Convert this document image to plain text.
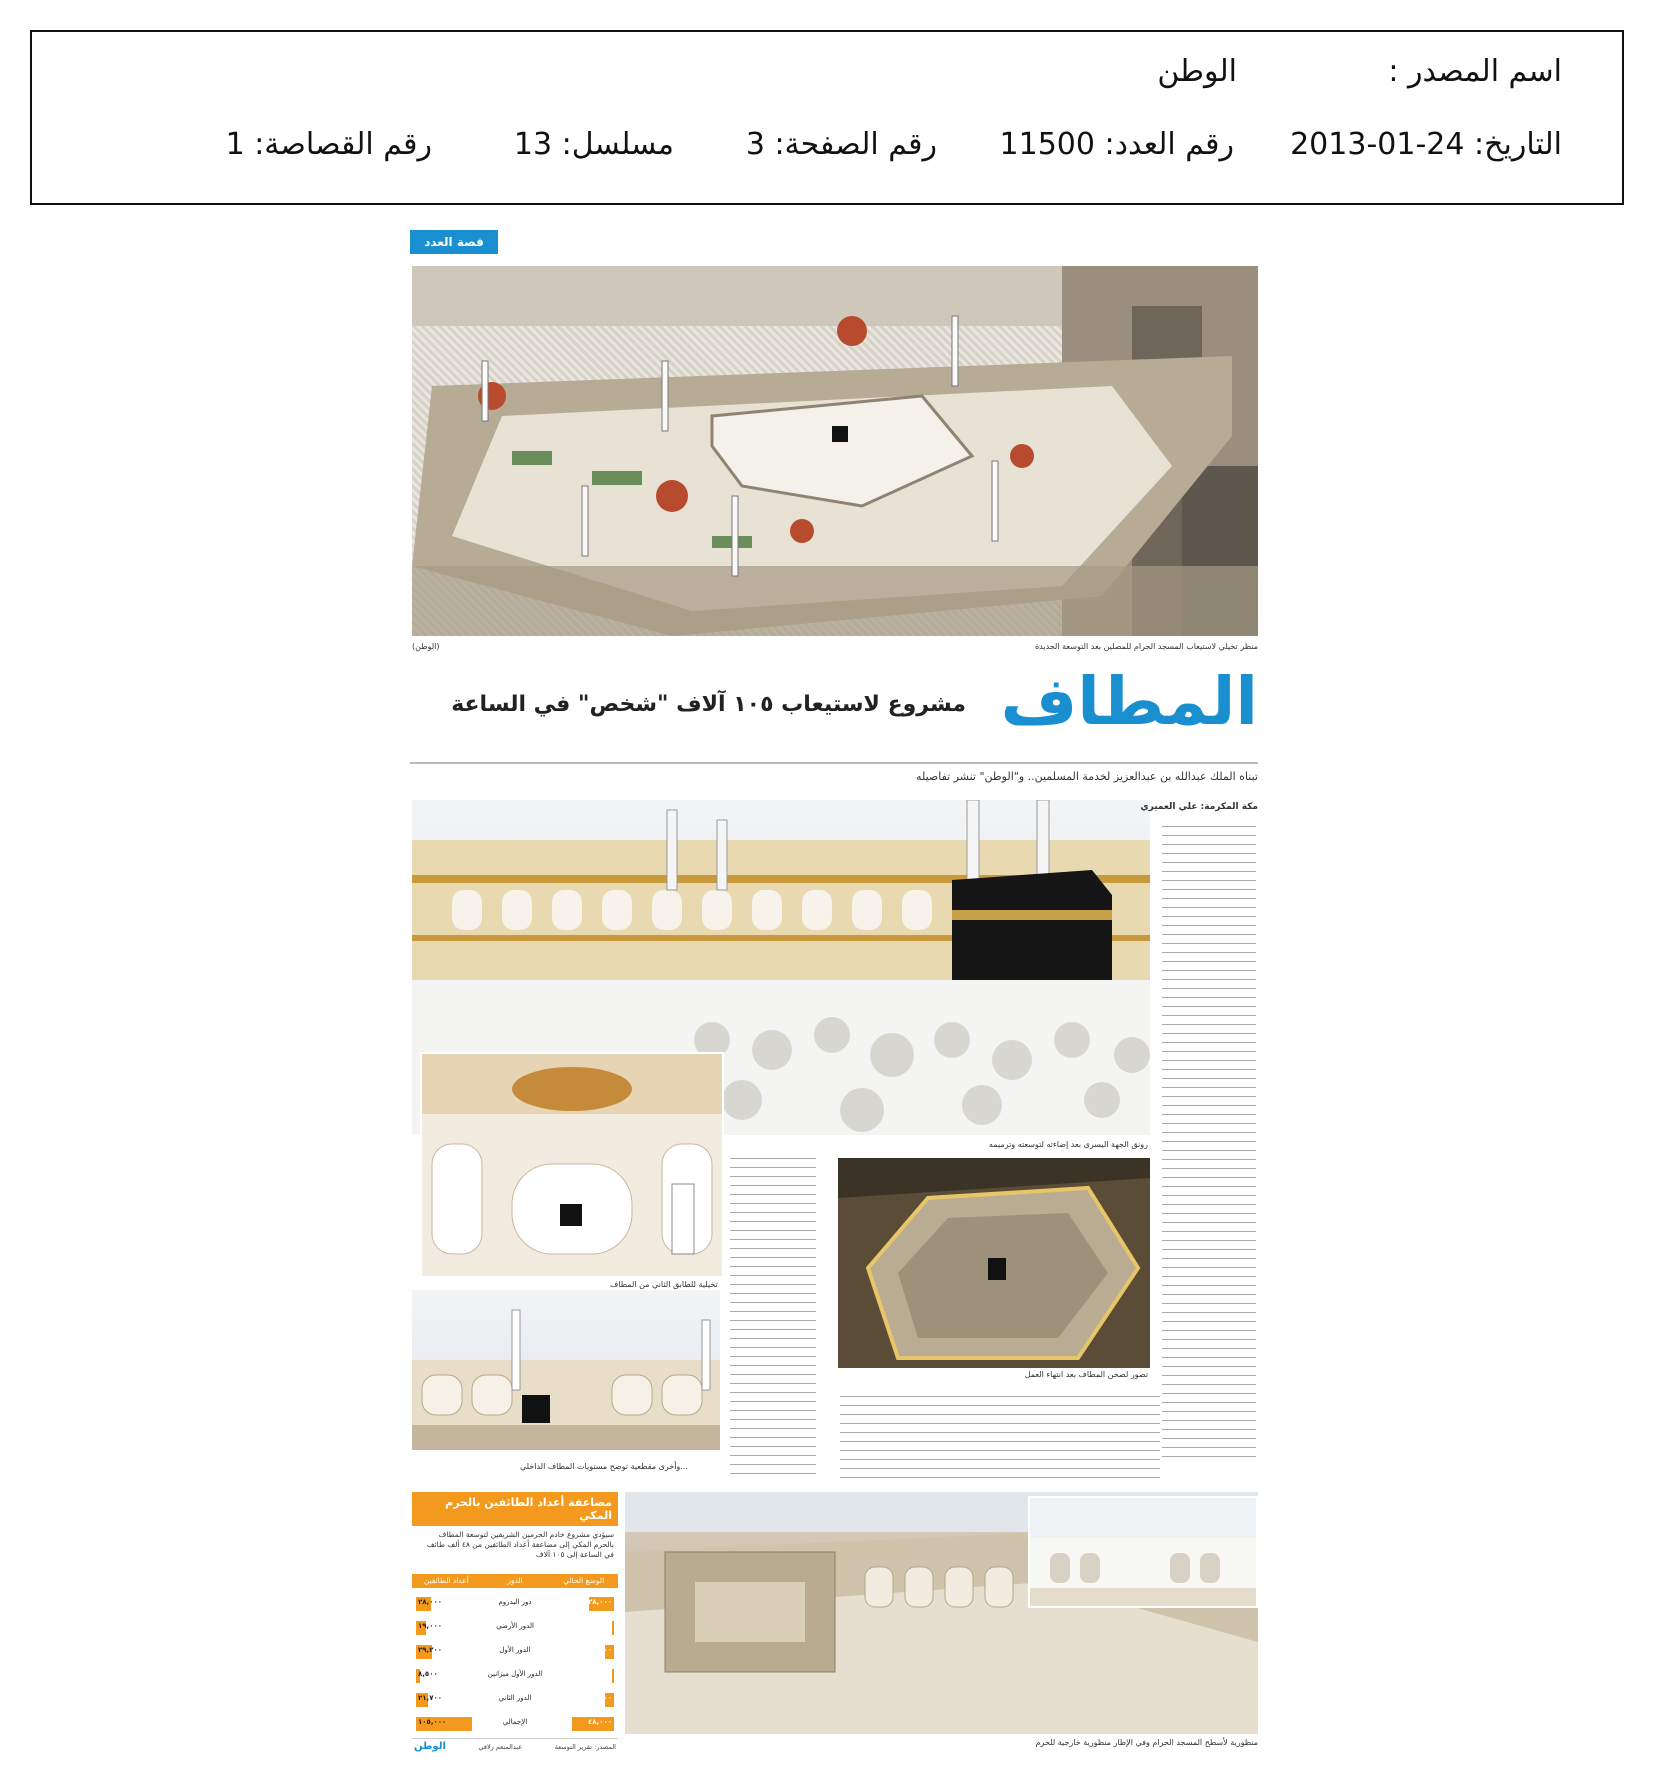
اسم المصدر :
الوطن
التاريخ: 24-01-2013
رقم العدد: 11500
رقم الصفحة: 3
مسلسل: 13
رقم القصاصة: 1
قصة العدد
منظر تخيلي لاستيعاب المسجد الحرام للمصلين بعد التوسعة الجديدة
(الوطن)
المطاف
مشروع لاستيعاب ١٠٥ آلاف "شخص" في الساعة
تبناه الملك عبدالله بن عبدالعزيز لخدمة المسلمين.. و"الوطن" تنشر تفاصيله
رونق الجهة اليسرى بعد إضاءته لتوسعته وترميمه
تخيلية للطابق الثاني من المطاف
مكة المكرمة: علي العميري
تصور لصحن المطاف بعد انتهاء العمل
...وأخرى مقطعية توضح مستويات المطاف الداخلي
منظورية لأسطح المسجد الحرام وفي الإطار منظورية خارجية للحرم
مضاعفة أعداد الطائفين بالحرم المكي
سيؤدي مشروع خادم الحرمين الشريفين لتوسعة المطاف بالحرم المكي إلى مضاعفة أعداد الطائفين من ٤٨ ألف طائف في الساعة إلى ١٠٥ آلاف
الوضع الحالي
الدور
أعداد الطائفين
٢٨,٠٠٠
دور البدروم
٢٨,٠٠٠
٠
الدور الأرضي
١٩,٠٠٠
١٠,٠٠٠
الدور الأول
٢٩,٢٠٠
٠
الدور الأول ميزانين
٨,٥٠٠
١٠,٠٠٠
الدور الثاني
٢١,٧٠٠
٤٨,٠٠٠
الإجمالي
١٠٥,٠٠٠
الوطن	عبدالمنعم زلاقي	المصدر: تقرير التوسعة
